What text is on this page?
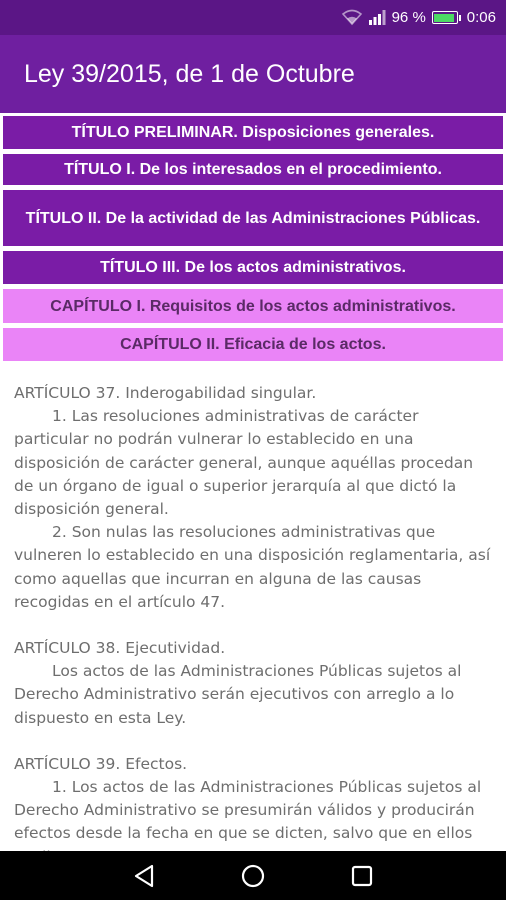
96 %	0:06
Ley 39/2015, de 1 de Octubre
TÍTULO PRELIMINAR. Disposiciones generales.
TÍTULO I. De los interesados en el procedimiento.
TÍTULO II. De la actividad de las Administraciones Públicas.
TÍTULO III. De los actos administrativos.
CAPÍTULO I. Requisitos de los actos administrativos.
CAPÍTULO II. Eficacia de los actos.
ARTÍCULO 37. Inderogabilidad singular.
1. Las resoluciones administrativas de carácter particular no podrán vulnerar lo establecido en una disposición de carácter general, aunque aquéllas procedan de un órgano de igual o superior jerarquía al que dictó la disposición general.
2. Son nulas las resoluciones administrativas que vulneren lo establecido en una disposición reglamentaria, así como aquellas que incurran en alguna de las causas recogidas en el artículo 47.
ARTÍCULO 38. Ejecutividad.
Los actos de las Administraciones Públicas sujetos al Derecho Administrativo serán ejecutivos con arreglo a lo dispuesto en esta Ley.
ARTÍCULO 39. Efectos.
1. Los actos de las Administraciones Públicas sujetos al Derecho Administrativo se presumirán válidos y producirán efectos desde la fecha en que se dicten, salvo que en ellos
